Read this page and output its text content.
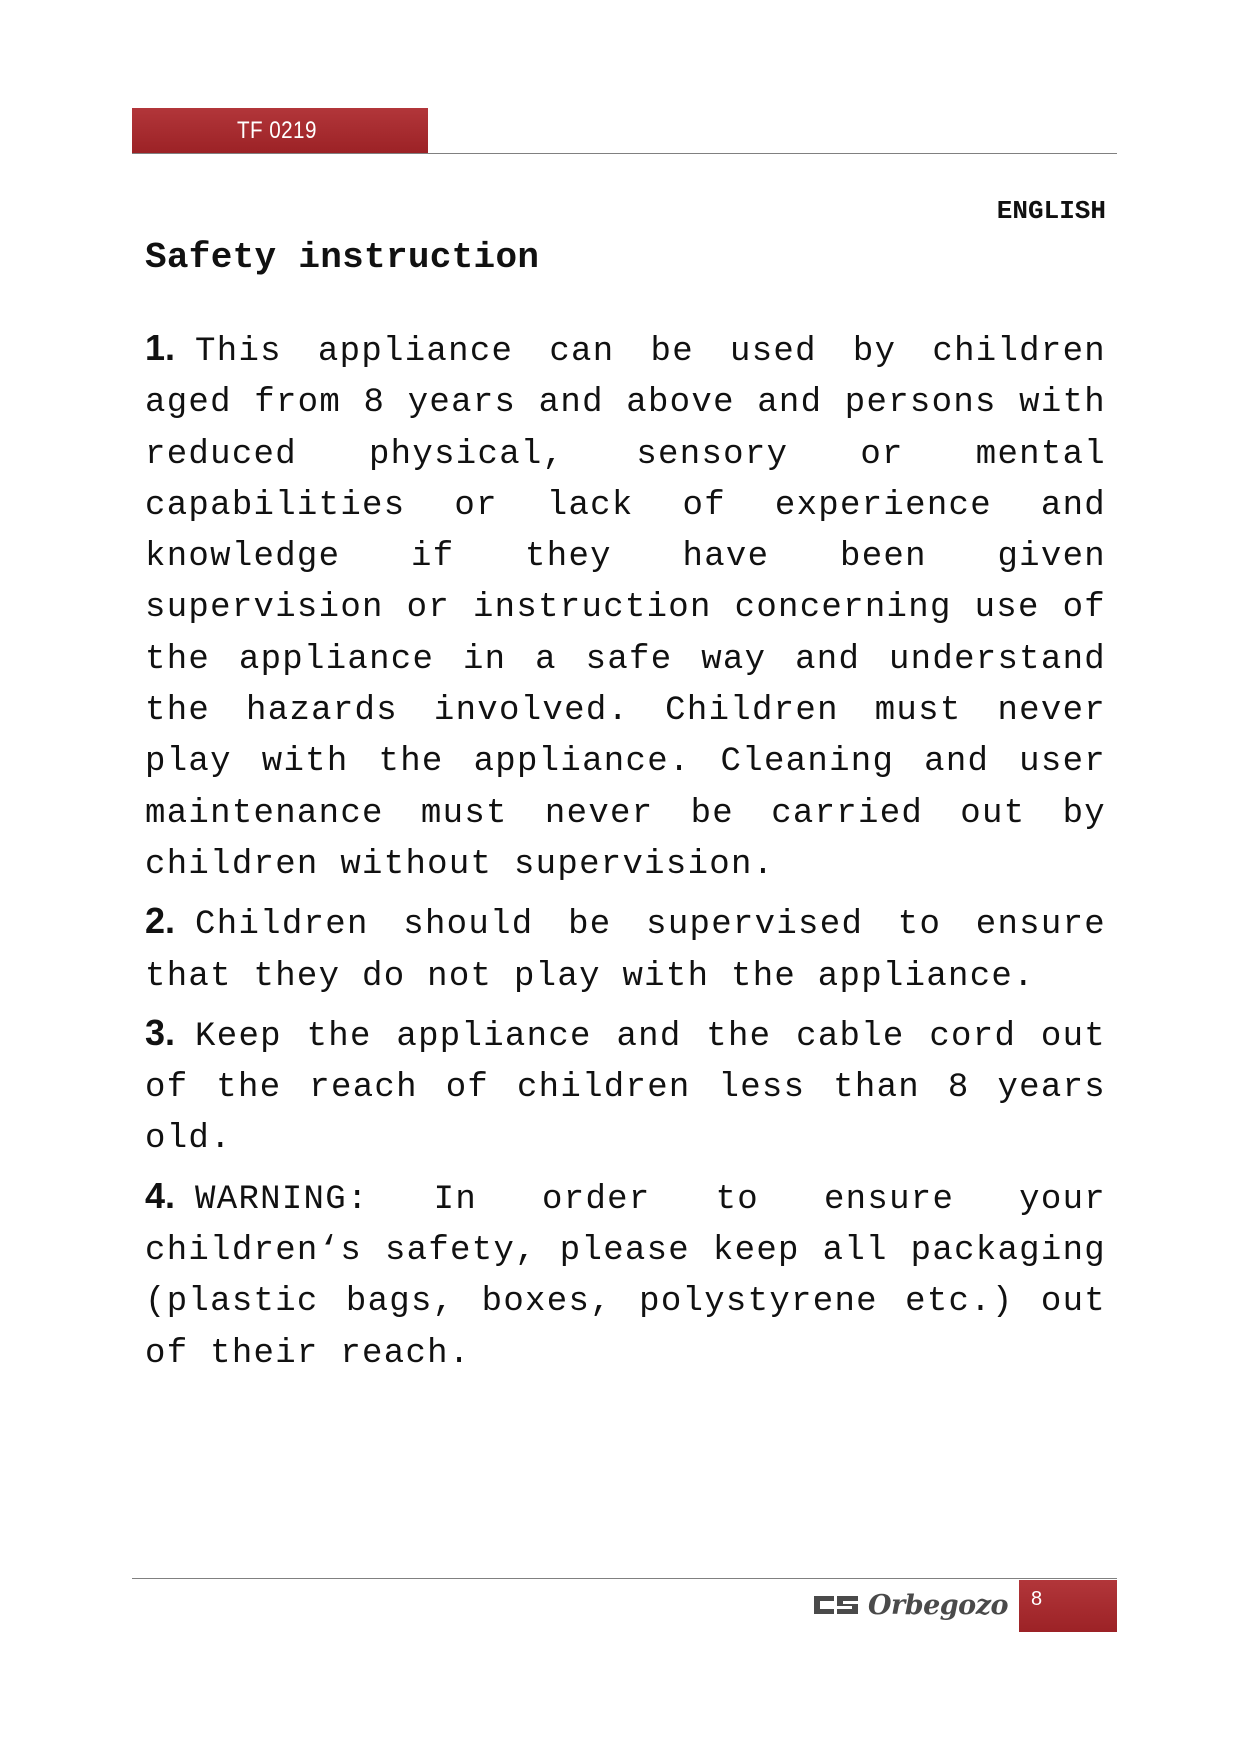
TF 0219
ENGLISH
Safety instruction

1. This appliance can be used by children aged from 8 years and above and persons with reduced physical, sensory or mental capabilities or lack of experience and knowledge if they have been given supervision or instruction concerning use of the appliance in a safe way and understand the hazards involved. Children must never play with the appliance. Cleaning and user maintenance must never be carried out by children without supervision.

2. Children should be supervised to ensure that they do not play with the appliance.

3. Keep the appliance and the cable cord out of the reach of children less than 8 years old.

4. WARNING: In order to ensure your children‘s safety, please keep all packaging (plastic bags, boxes, polystyrene etc.) out of their reach.

Orbegozo 8
